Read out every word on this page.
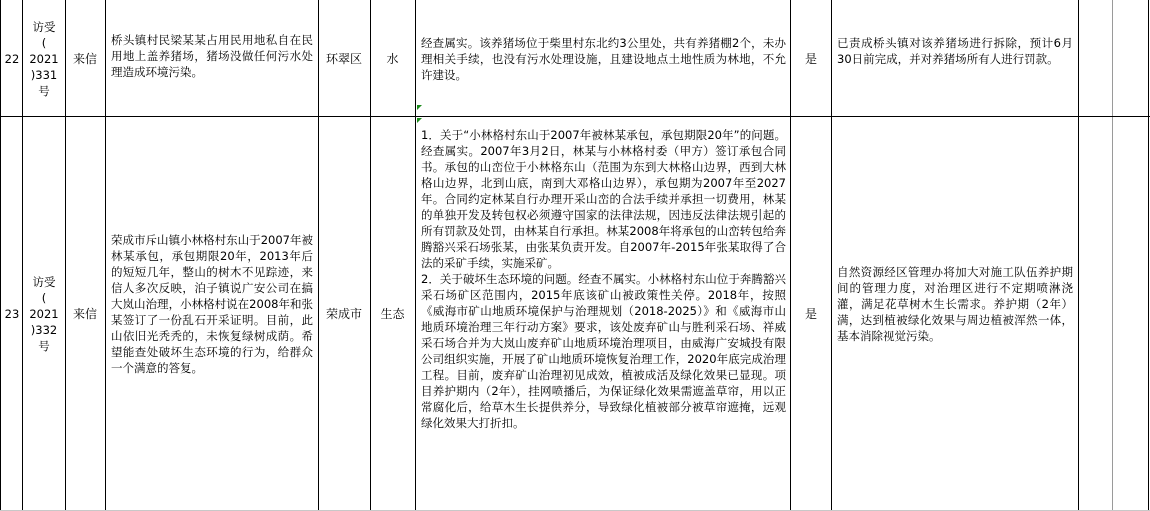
22
访受
(
2021
)331
号
来信
桥头镇村民梁某某占用民用地私自在民用地上盖养猪场，猪场没做任何污水处理造成环境污染。
环翠区 水
经查属实。该养猪场位于柴里村东北约3公里处，共有养猪棚2个，未办理相关手续，也没有污水处理设施，且建设地点土地性质为林地，不允许建设。
是
已责成桥头镇对该养猪场进行拆除，预计6月30日前完成，并对养猪场所有人进行罚款。
23
访受
(
2021
)332
号
来信
荣成市斥山镇小林格村东山于2007年被林某承包，承包期限20年，2013年后的短短几年，整山的树木不见踪迹，来信人多次反映，泊子镇说广安公司在搞大岚山治理，小林格村说在2008年和张某签订了一份乱石开采证明。目前，此山依旧光秃秃的，未恢复绿树成荫。希望能查处破坏生态环境的行为，给群众一个满意的答复。
荣成市 生态
1．关于“小林格村东山于2007年被林某承包，承包期限20年”的问题。经查属实。2007年3月2日，林某与小林格村委（甲方）签订承包合同书。承包的山峦位于小林格东山（范围为东到大林格山边界，西到大林格山边界，北到山底，南到大邓格山边界），承包期为2007年至2027年。合同约定林某自行办理开采山峦的合法手续并承担一切费用，林某的单独开发及转包权必须遵守国家的法律法规，因违反法律法规引起的所有罚款及处罚，由林某自行承担。林某2008年将承包的山峦转包给奔腾豁兴采石场张某，由张某负责开发。自2007年-2015年张某取得了合法的采矿手续，实施采矿。
2．关于破坏生态环境的问题。经查不属实。小林格村东山位于奔腾豁兴采石场矿区范围内，2015年底该矿山被政策性关停。2018年，按照《威海市矿山地质环境保护与治理规划（2018-2025）》和《威海市山地质环境治理三年行动方案》要求，该处废弃矿山与胜利采石场、祥威采石场合并为大岚山废弃矿山地质环境治理项目，由威海广安城投有限公司组织实施，开展了矿山地质环境恢复治理工作，2020年底完成治理工程。目前，废弃矿山治理初见成效，植被成活及绿化效果已显现。项目养护期内（2年），挂网喷播后，为保证绿化效果需遮盖草帘，用以正常腐化后，给草木生长提供养分，导致绿化植被部分被草帘遮掩，远观绿化效果大打折扣。
是
自然资源经区管理办将加大对施工队伍养护期间的管理力度，对治理区进行不定期喷淋浇灌，满足花草树木生长需求。养护期（2年）满，达到植被绿化效果与周边植被浑然一体，基本消除视觉污染。
